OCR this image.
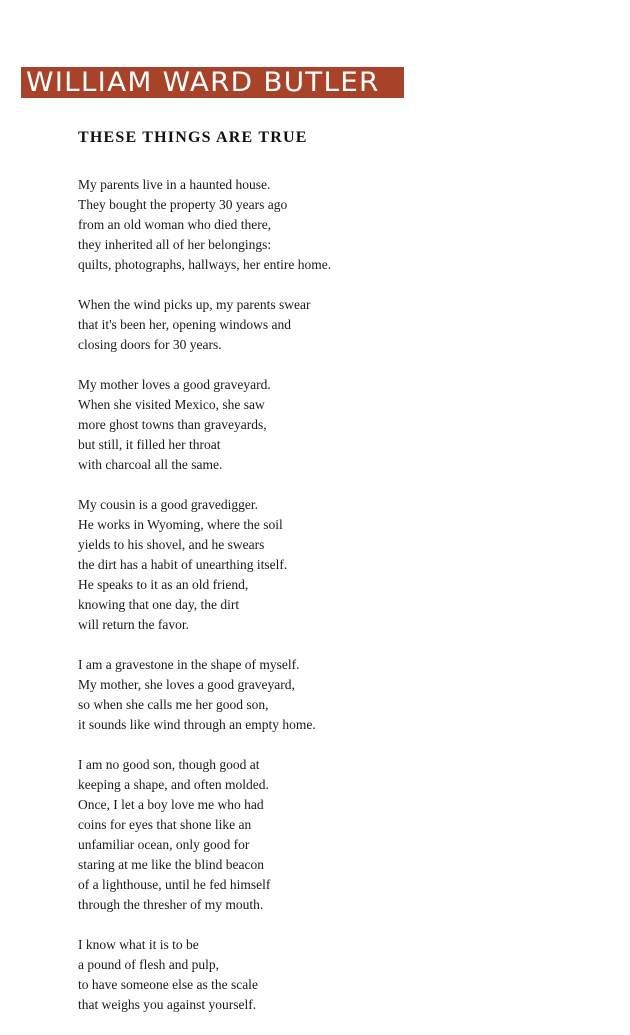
WILLIAM WARD BUTLER
THESE THINGS ARE TRUE
My parents live in a haunted house.
They bought the property 30 years ago
from an old woman who died there,
they inherited all of her belongings:
quilts, photographs, hallways, her entire home.
When the wind picks up, my parents swear
that it's been her, opening windows and
closing doors for 30 years.
My mother loves a good graveyard.
When she visited Mexico, she saw
more ghost towns than graveyards,
but still, it filled her throat
with charcoal all the same.
My cousin is a good gravedigger.
He works in Wyoming, where the soil
yields to his shovel, and he swears
the dirt has a habit of unearthing itself.
He speaks to it as an old friend,
knowing that one day, the dirt
will return the favor.
I am a gravestone in the shape of myself.
My mother, she loves a good graveyard,
so when she calls me her good son,
it sounds like wind through an empty home.
I am no good son, though good at
keeping a shape, and often molded.
Once, I let a boy love me who had
coins for eyes that shone like an
unfamiliar ocean, only good for
staring at me like the blind beacon
of a lighthouse, until he fed himself
through the thresher of my mouth.
I know what it is to be
a pound of flesh and pulp,
to have someone else as the scale
that weighs you against yourself.
